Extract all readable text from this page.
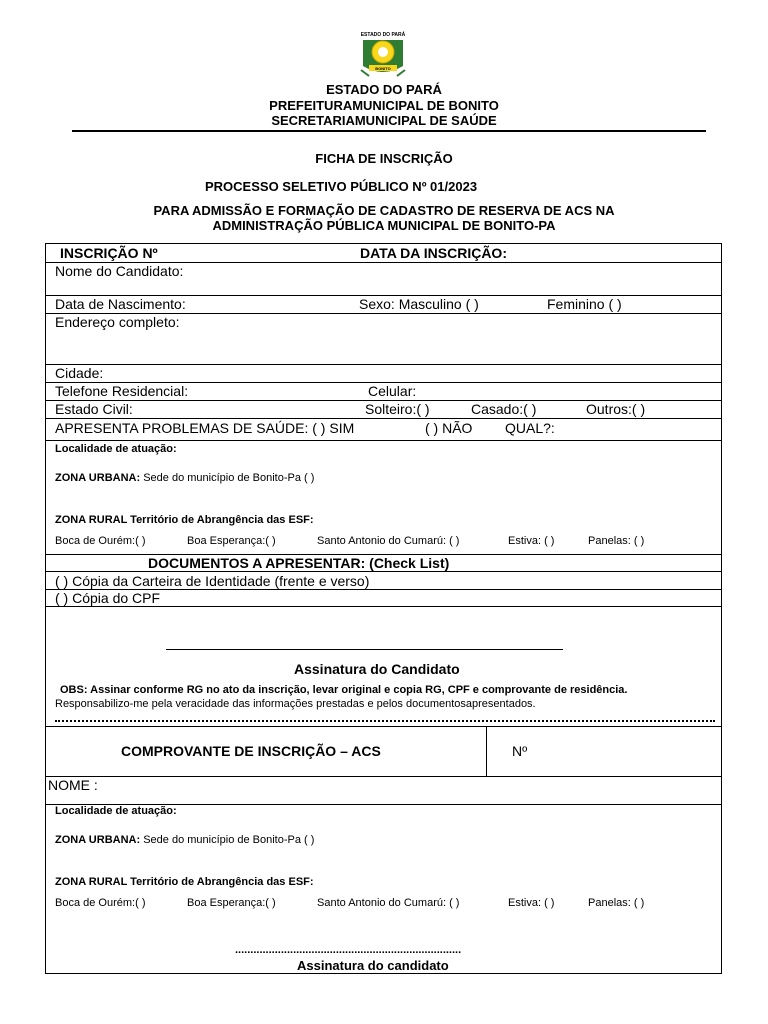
ESTADO DO PARÁ
BONITO
ESTADO DO PARÁ
PREFEITURAMUNICIPAL DE BONITO
SECRETARIAMUNICIPAL DE SAÚDE
FICHA DE INSCRIÇÃO
PROCESSO SELETIVO PÚBLICO Nº 01/2023
PARA ADMISSÃO E FORMAÇÃO DE CADASTRO DE RESERVA DE ACS NA
ADMINISTRAÇÃO PÚBLICA MUNICIPAL DE BONITO-PA
INSCRIÇÃO Nº	DATA DA INSCRIÇÃO:
Nome do Candidato:
Data de Nascimento:	Sexo: Masculino ( )	Feminino ( )
Endereço completo:
Cidade:
Telefone Residencial:	Celular:
Estado Civil:	Solteiro:( )	Casado:( )	Outros:( )
APRESENTA PROBLEMAS DE SAÚDE: ( ) SIM	( ) NÃO QUAL?:
Localidade de atuação:
ZONA URBANA: Sede do município de Bonito-Pa ( )
ZONA RURAL Território de Abrangência das ESF:
Boca de Ourém:( )	Boa Esperança:( )	Santo Antonio do Cumarú: ( )	Estiva: ( )	Panelas: ( )
DOCUMENTOS A APRESENTAR: (Check List)
( ) Cópia da Carteira de Identidade (frente e verso)
( ) Cópia do CPF
Assinatura do Candidato
OBS: Assinar conforme RG no ato da inscrição, levar original e copia RG, CPF e comprovante de residência.
Responsabilizo-me pela veracidade das informações prestadas e pelos documentosapresentados.
COMPROVANTE DE INSCRIÇÃO – ACS	Nº
NOME :
Localidade de atuação:
ZONA URBANA: Sede do município de Bonito-Pa ( )
ZONA RURAL Território de Abrangência das ESF:
Boca de Ourém:( )	Boa Esperança:( )	Santo Antonio do Cumarú: ( )	Estiva: ( )	Panelas: ( )
..........................................................................
Assinatura do candidato
